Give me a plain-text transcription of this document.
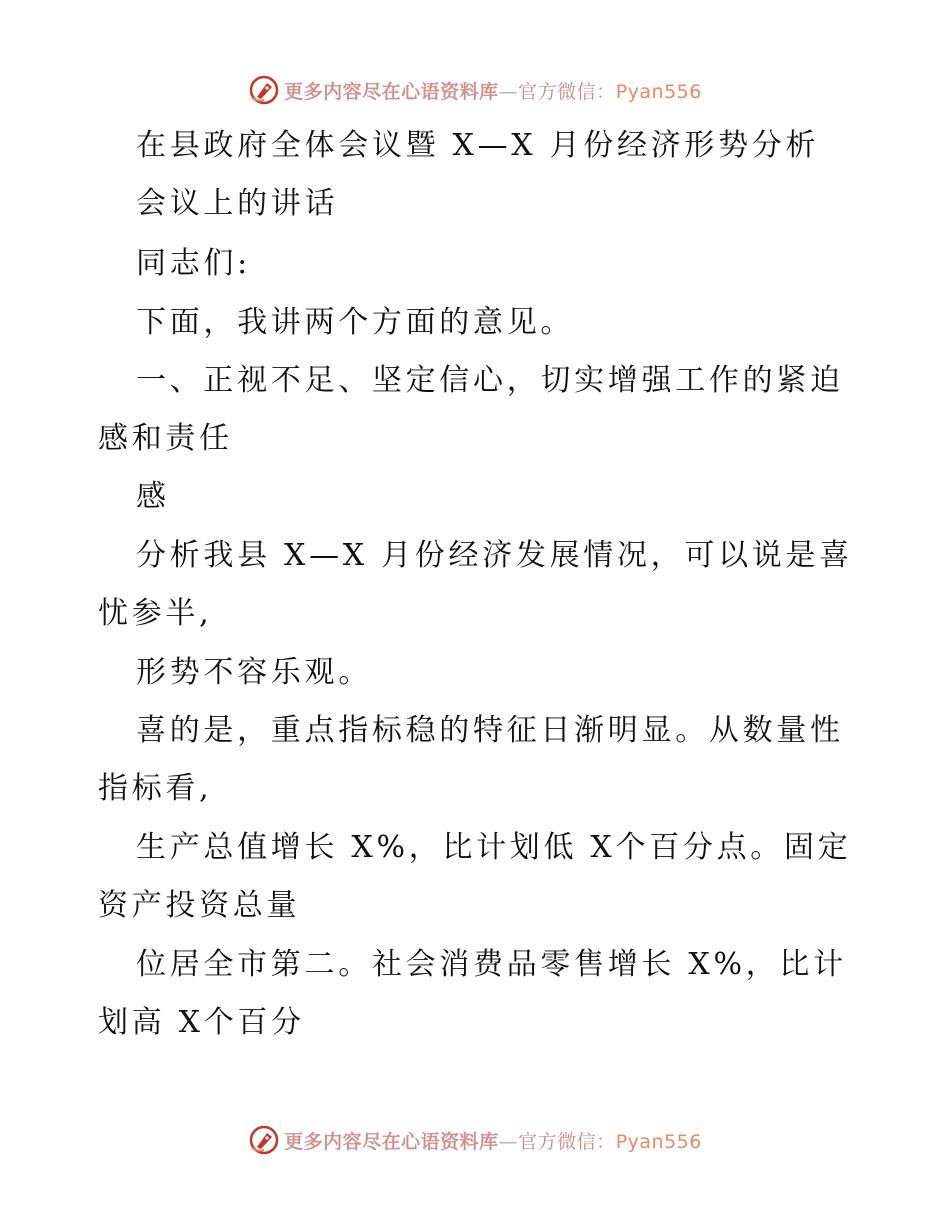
更多内容尽在心语资料库—官方微信：Pyan556
在县政府全体会议暨 X—X 月份经济形势分析
会议上的讲话
同志们:
下面，我讲两个方面的意见。
一、正视不足、坚定信心，切实增强工作的紧迫
感和责任
感
分析我县 X—X 月份经济发展情况，可以说是喜
忧参半,
形势不容乐观。
喜的是，重点指标稳的特征日渐明显。从数量性
指标看,
生产总值增长 X%，比计划低 X个百分点。固定
资产投资总量
位居全市第二。社会消费品零售增长 X%，比计
划高 X个百分
更多内容尽在心语资料库—官方微信：Pyan556
